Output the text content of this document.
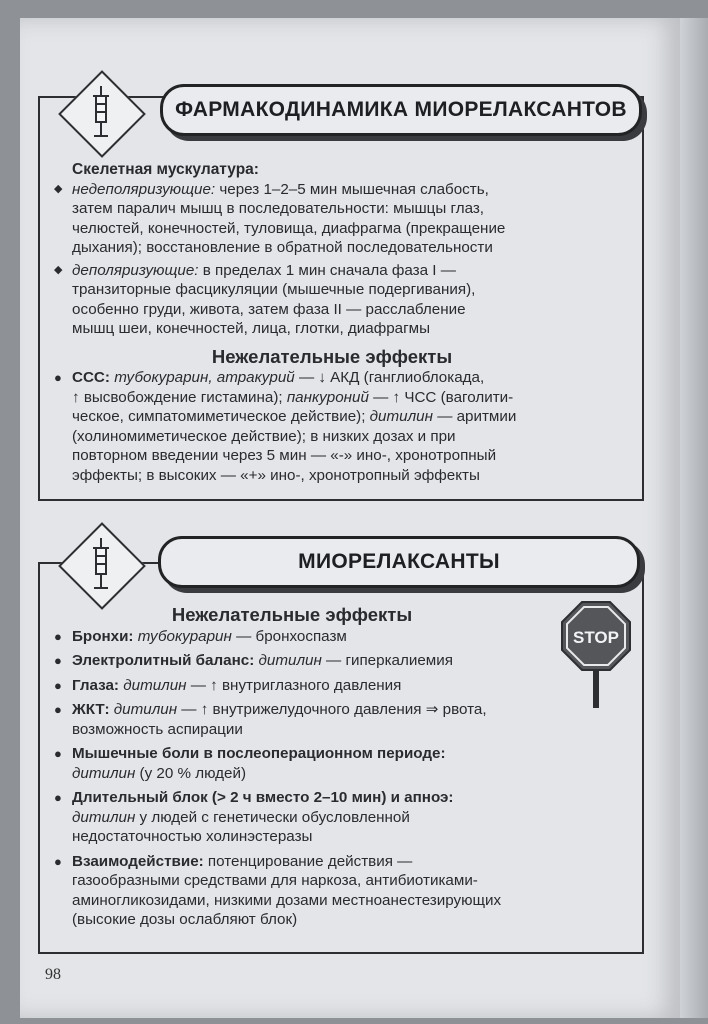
ФАРМАКОДИНАМИКА МИОРЕЛАКСАНТОВ
Скелетная мускулатура:
◆ недеполяризующие: через 1–2–5 мин мышечная слабость,
затем паралич мышц в последовательности: мышцы глаз,
челюстей, конечностей, туловища, диафрагма (прекращение
дыхания); восстановление в обратной последовательности
◆ деполяризующие: в пределах 1 мин сначала фаза I —
транзиторные фасцикуляции (мышечные подергивания),
особенно груди, живота, затем фаза II — расслабление
мышц шеи, конечностей, лица, глотки, диафрагмы
Нежелательные эффекты
● ССС: тубокурарин, атракурий — ↓ АКД (ганглиоблокада,
↑ высвобождение гистамина); панкуроний — ↑ ЧСС (ваголити-
ческое, симпатомиметическое действие); дитилин — аритмии
(холиномиметическое действие); в низких дозах и при
повторном введении через 5 мин — «-» ино-, хронотропный
эффекты; в высоких — «+» ино-, хронотропный эффекты
МИОРЕЛАКСАНТЫ
STOP
Нежелательные эффекты
● Бронхи: тубокурарин — бронхоспазм
● Электролитный баланс: дитилин — гиперкалиемия
● Глаза: дитилин — ↑ внутриглазного давления
● ЖКТ: дитилин — ↑ внутрижелудочного давления ⇒ рвота,
возможность аспирации
● Мышечные боли в послеоперационном периоде:
дитилин (у 20 % людей)
● Длительный блок (> 2 ч вместо 2–10 мин) и апноэ:
дитилин у людей с генетически обусловленной
недостаточностью холинэстеразы
● Взаимодействие: потенцирование действия —
газообразными средствами для наркоза, антибиотиками-
аминогликозидами, низкими дозами местноанестезирующих
(высокие дозы ослабляют блок)
98
